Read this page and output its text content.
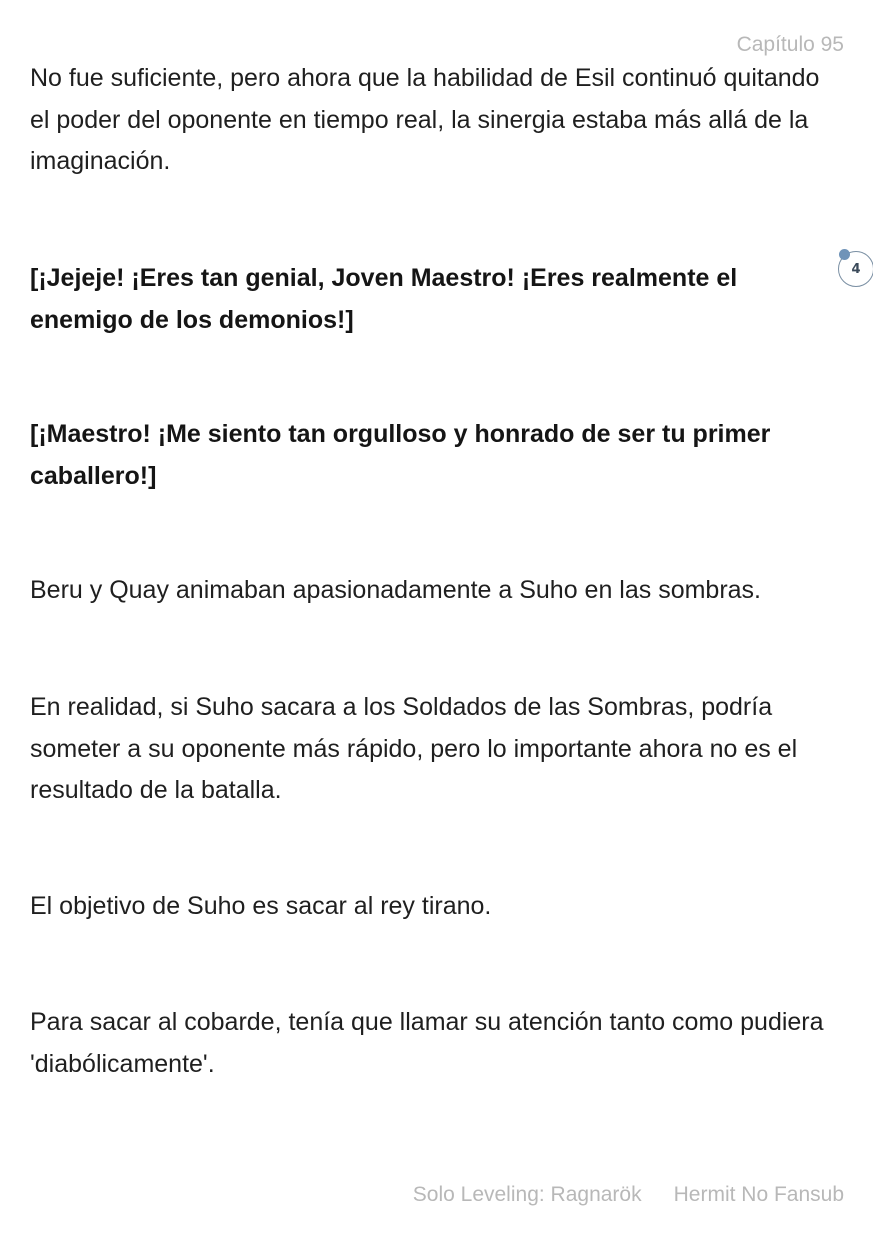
Capítulo 95

No fue suficiente, pero ahora que la habilidad de Esil continuó quitando el poder del oponente en tiempo real, la sinergia estaba más allá de la imaginación.

[¡Jejeje! ¡Eres tan genial, Joven Maestro! ¡Eres realmente el enemigo de los demonios!]

[¡Maestro! ¡Me siento tan orgulloso y honrado de ser tu primer caballero!]

Beru y Quay animaban apasionadamente a Suho en las sombras.

En realidad, si Suho sacara a los Soldados de las Sombras, podría someter a su oponente más rápido, pero lo importante ahora no es el resultado de la batalla.

El objetivo de Suho es sacar al rey tirano.

Para sacar al cobarde, tenía que llamar su atención tanto como pudiera 'diabólicamente'.

4
Solo Leveling: Ragnarök Hermit No Fansub
